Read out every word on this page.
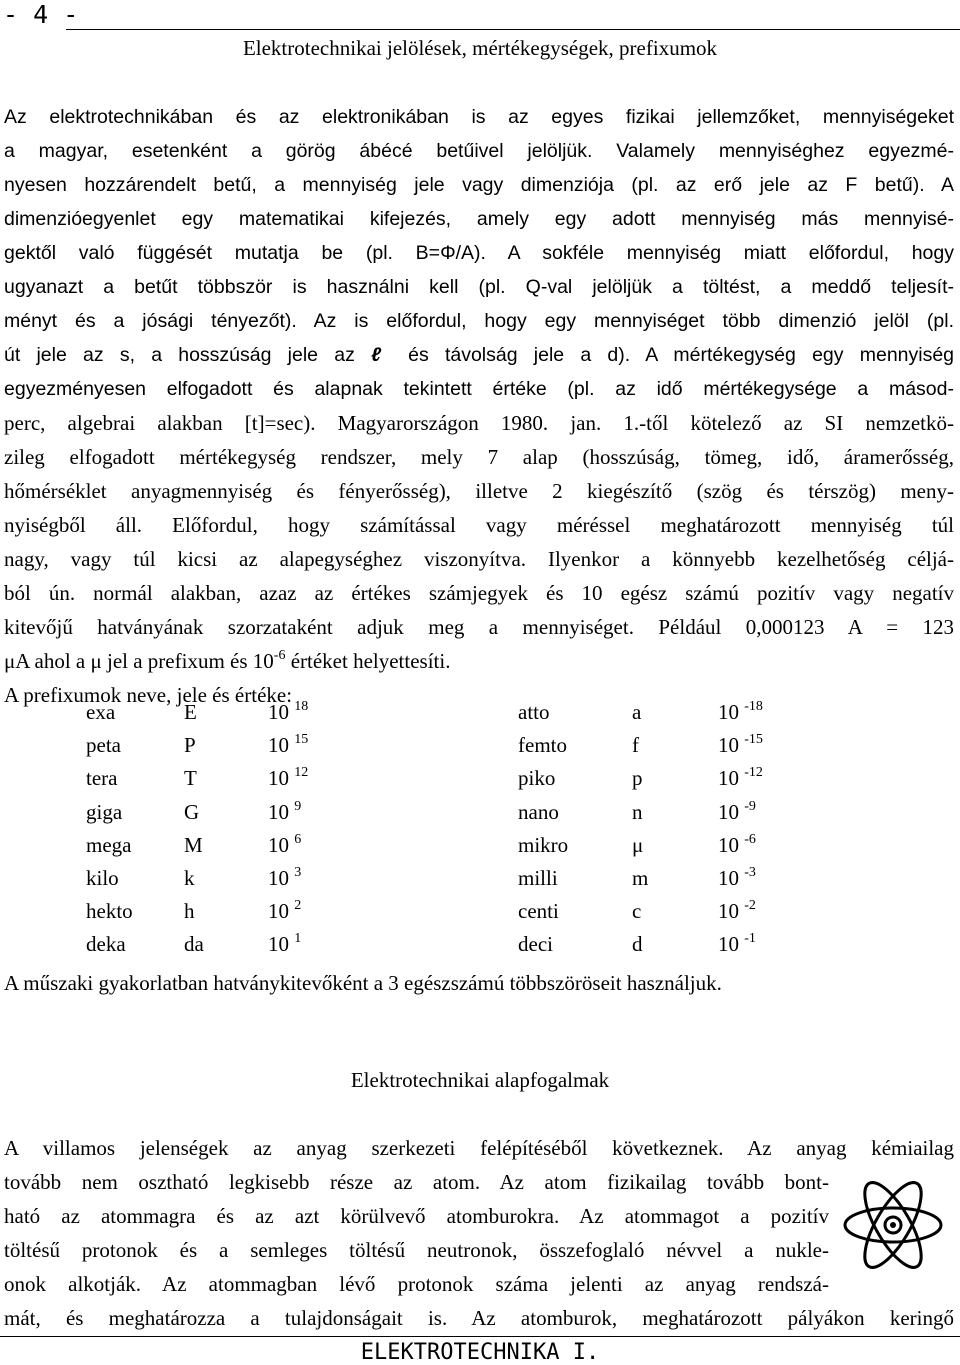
- 4 -
Elektrotechnikai jelölések, mértékegységek, prefixumok
Az elektrotechnikában és az elektronikában is az egyes fizikai jellemzőket, mennyiségeket
a magyar, esetenként a görög ábécé betűivel jelöljük. Valamely mennyiséghez egyezmé-
nyesen hozzárendelt betű, a mennyiség jele vagy dimenziója (pl. az erő jele az F betű). A
dimenzióegyenlet egy matematikai kifejezés, amely egy adott mennyiség más mennyisé-
gektől való függését mutatja be (pl. B=Φ/A). A sokféle mennyiség miatt előfordul, hogy
ugyanazt a betűt többször is használni kell (pl. Q-val jelöljük a töltést, a meddő teljesít-
ményt és a jósági tényezőt). Az is előfordul, hogy egy mennyiséget több dimenzió jelöl (pl.
út jele az s, a hosszúság jele az ℓ és távolság jele a d). A mértékegység egy mennyiség
egyezményesen elfogadott és alapnak tekintett értéke (pl. az idő mértékegysége a másod-
perc, algebrai alakban [t]=sec). Magyarországon 1980. jan. 1.-től kötelező az SI nemzetkö-
zileg elfogadott mértékegység rendszer, mely 7 alap (hosszúság, tömeg, idő, áramerősség,
hőmérséklet anyagmennyiség és fényerősség), illetve 2 kiegészítő (szög és térszög) meny-
nyiségből áll. Előfordul, hogy számítással vagy méréssel meghatározott mennyiség túl
nagy, vagy túl kicsi az alapegységhez viszonyítva. Ilyenkor a könnyebb kezelhetőség céljá-
ból ún. normál alakban, azaz az értékes számjegyek és 10 egész számú pozitív vagy negatív
kitevőjű hatványának szorzataként adjuk meg a mennyiséget. Például 0,000123 A = 123
μA ahol a μ jel a prefixum és $10^{-6}$ értéket helyettesíti.
A prefixumok neve, jele és értéke:
exa	E	10 $^{18}$
peta	P	10 $^{15}$
tera	T	10 $^{12}$
giga	G	10 $^9$
mega	M	10 $^6$
kilo	k	10 $^3$
hekto h	10 $^2$
deka	da	10 $^1$
atto	a	10 $^{-18}$
femto	f	10 $^{-15}$
piko	p	10 $^{-12}$
nano	n	10 $^{-9}$
mikro	μ	10 $^{-6}$
milli	m	10 $^{-3}$
centi	c	10 $^{-2}$
deci	d	10 $^{-1}$
A műszaki gyakorlatban hatványkitevőként a 3 egészszámú többszöröseit használjuk.
Elektrotechnikai alapfogalmak
A villamos jelenségek az anyag szerkezeti felépítéséből következnek. Az anyag kémiailag
tovább nem osztható legkisebb része az atom. Az atom fizikailag tovább bont-
ható az atommagra és az azt körülvevő atomburokra. Az atommagot a pozitív
töltésű protonok és a semleges töltésű neutronok, összefoglaló névvel a nukle-
onok alkotják. Az atommagban lévő protonok száma jelenti az anyag rendszá-
mát, és meghatározza a tulajdonságait is. Az atomburok, meghatározott pályákon keringő
ELEKTROTECHNIKA I.
